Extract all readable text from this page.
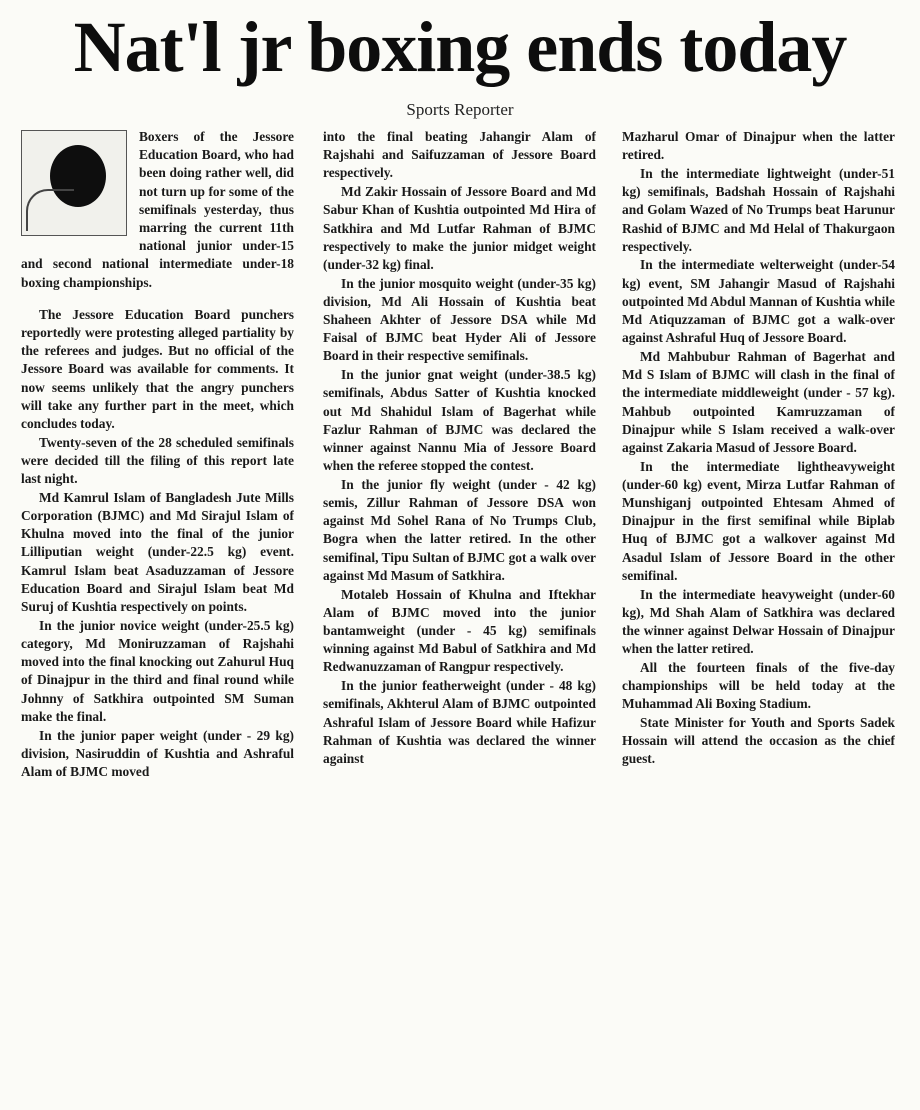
Nat'l jr boxing ends today
Sports Reporter

Boxers of the Jessore Education Board, who had been doing rather well, did not turn up for some of the semifinals yesterday, thus marring the current 11th national junior under-15 and second national intermediate under-18 boxing championships.

The Jessore Education Board punchers reportedly were protesting alleged partiality by the referees and judges. But no official of the Jessore Board was available for comments. It now seems unlikely that the angry punchers will take any further part in the meet, which concludes today.

Twenty-seven of the 28 scheduled semifinals were decided till the filing of this report late last night.

Md Kamrul Islam of Bangladesh Jute Mills Corporation (BJMC) and Md Sirajul Islam of Khulna moved into the final of the junior Lilliputian weight (under-22.5 kg) event. Kamrul Islam beat Asaduzzaman of Jessore Education Board and Sirajul Islam beat Md Suruj of Kushtia respectively on points.

In the junior novice weight (under-25.5 kg) category, Md Moniruzzaman of Rajshahi moved into the final knocking out Zahurul Huq of Dinajpur in the third and final round while Johnny of Satkhira outpointed SM Suman make the final.

In the junior paper weight (under - 29 kg) division, Nasiruddin of Kushtia and Ashraful Alam of BJMC moved

into the final beating Jahangir Alam of Rajshahi and Saifuzzaman of Jessore Board respectively.

Md Zakir Hossain of Jessore Board and Md Sabur Khan of Kushtia outpointed Md Hira of Satkhira and Md Lutfar Rahman of BJMC respectively to make the junior midget weight (under-32 kg) final.

In the junior mosquito weight (under-35 kg) division, Md Ali Hossain of Kushtia beat Shaheen Akhter of Jessore DSA while Md Faisal of BJMC beat Hyder Ali of Jessore Board in their respective semifinals.

In the junior gnat weight (under-38.5 kg) semifinals, Abdus Satter of Kushtia knocked out Md Shahidul Islam of Bagerhat while Fazlur Rahman of BJMC was declared the winner against Nannu Mia of Jessore Board when the referee stopped the contest.

In the junior fly weight (under - 42 kg) semis, Zillur Rahman of Jessore DSA won against Md Sohel Rana of No Trumps Club, Bogra when the latter retired. In the other semifinal, Tipu Sultan of BJMC got a walk over against Md Masum of Satkhira.

Motaleb Hossain of Khulna and Iftekhar Alam of BJMC moved into the junior bantamweight (under - 45 kg) semifinals winning against Md Babul of Satkhira and Md Redwanuzzaman of Rangpur respectively.

In the junior featherweight (under - 48 kg) semifinals, Akhterul Alam of BJMC outpointed Ashraful Islam of Jessore Board while Hafizur Rahman of Kushtia was declared the winner against

Mazharul Omar of Dinajpur when the latter retired.

In the intermediate lightweight (under-51 kg) semifinals, Badshah Hossain of Rajshahi and Golam Wazed of No Trumps beat Harunur Rashid of BJMC and Md Helal of Thakurgaon respectively.

In the intermediate welterweight (under-54 kg) event, SM Jahangir Masud of Rajshahi outpointed Md Abdul Mannan of Kushtia while Md Atiquzzaman of BJMC got a walk-over against Ashraful Huq of Jessore Board.

Md Mahbubur Rahman of Bagerhat and Md S Islam of BJMC will clash in the final of the intermediate middleweight (under - 57 kg). Mahbub outpointed Kamruzzaman of Dinajpur while S Islam received a walk-over against Zakaria Masud of Jessore Board.

In the intermediate lightheavyweight (under-60 kg) event, Mirza Lutfar Rahman of Munshiganj outpointed Ehtesam Ahmed of Dinajpur in the first semifinal while Biplab Huq of BJMC got a walkover against Md Asadul Islam of Jessore Board in the other semifinal.

In the intermediate heavyweight (under-60 kg), Md Shah Alam of Satkhira was declared the winner against Delwar Hossain of Dinajpur when the latter retired.

All the fourteen finals of the five-day championships will be held today at the Muhammad Ali Boxing Stadium.

State Minister for Youth and Sports Sadek Hossain will attend the occasion as the chief guest.
